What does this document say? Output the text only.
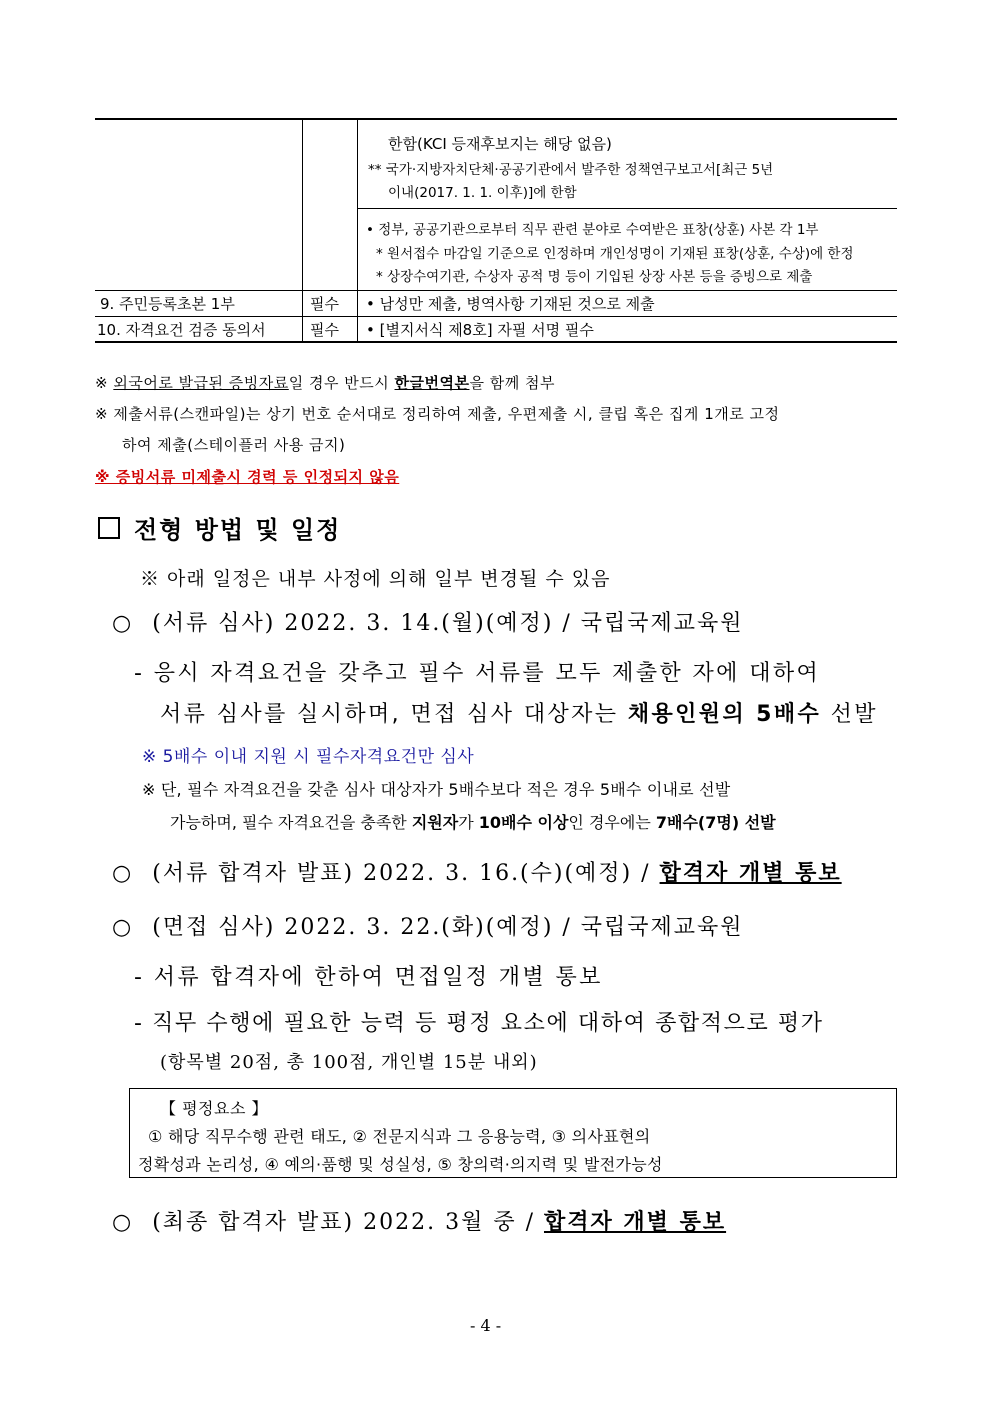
한함(KCI 등재후보지는 해당 없음)
** 국가·지방자치단체·공공기관에서 발주한 정책연구보고서[최근 5년
이내(2017. 1. 1. 이후)]에 한함
• 정부, 공공기관으로부터 직무 관련 분야로 수여받은 표창(상훈) 사본 각 1부
* 원서접수 마감일 기준으로 인정하며 개인성명이 기재된 표창(상훈, 수상)에 한정
* 상장수여기관, 수상자 공적 명 등이 기입된 상장 사본 등을 증빙으로 제출
9. 주민등록초본 1부	필수 • 남성만 제출, 병역사항 기재된 것으로 제출
10. 자격요건 검증 동의서	필수 • [별지서식 제8호] 자필 서명 필수
※ 외국어로 발급된 증빙자료일 경우 반드시 한글번역본을 함께 첨부
※ 제출서류(스캔파일)는 상기 번호 순서대로 정리하여 제출, 우편제출 시, 클립 혹은 집게 1개로 고정
하여 제출(스테이플러 사용 금지)
※ 증빙서류 미제출시 경력 등 인정되지 않음
전형 방법 및 일정
※ 아래 일정은 내부 사정에 의해 일부 변경될 수 있음
○ (서류 심사) 2022. 3. 14.(월)(예정) / 국립국제교육원
- 응시 자격요건을 갖추고 필수 서류를 모두 제출한 자에 대하여
서류 심사를 실시하며, 면접 심사 대상자는 채용인원의 5배수 선발
※ 5배수 이내 지원 시 필수자격요건만 심사
※ 단, 필수 자격요건을 갖춘 심사 대상자가 5배수보다 적은 경우 5배수 이내로 선발
가능하며, 필수 자격요건을 충족한 지원자가 10배수 이상인 경우에는 7배수(7명) 선발
○ (서류 합격자 발표) 2022. 3. 16.(수)(예정) / 합격자 개별 통보
○ (면접 심사) 2022. 3. 22.(화)(예정) / 국립국제교육원
- 서류 합격자에 한하여 면접일정 개별 통보
- 직무 수행에 필요한 능력 등 평정 요소에 대하여 종합적으로 평가
(항목별 20점, 총 100점, 개인별 15분 내외)
【 평정요소 】
① 해당 직무수행 관련 태도, ② 전문지식과 그 응용능력, ③ 의사표현의
정확성과 논리성, ④ 예의·품행 및 성실성, ⑤ 창의력·의지력 및 발전가능성
○ (최종 합격자 발표) 2022. 3월 중 / 합격자 개별 통보
- 4 -
